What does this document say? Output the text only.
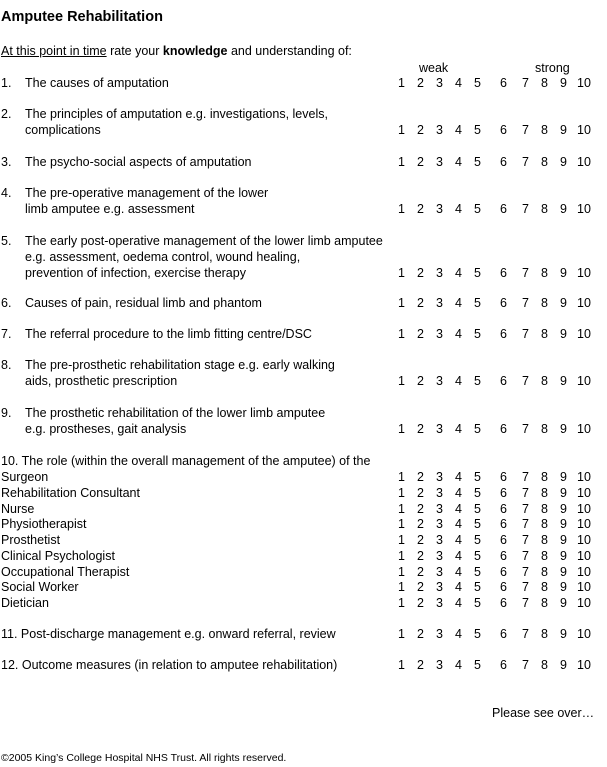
Amputee Rehabilitation
At this point in time rate your knowledge and understanding of:
weak	strong
1. The causes of amputation	1 2 3 4 5 6 7 8 9 10
2. The principles of amputation e.g. investigations, levels,
complications	1 2 3 4 5 6 7 8 9 10
3. The psycho-social aspects of amputation	1 2 3 4 5 6 7 8 9 10
4. The pre-operative management of the lower
limb amputee e.g. assessment	1 2 3 4 5 6 7 8 9 10
5. The early post-operative management of the lower limb amputee
e.g. assessment, oedema control, wound healing,
prevention of infection, exercise therapy	1 2 3 4 5 6 7 8 9 10
6. Causes of pain, residual limb and phantom	1 2 3 4 5 6 7 8 9 10
7. The referral procedure to the limb fitting centre/DSC	1 2 3 4 5 6 7 8 9 10
8. The pre-prosthetic rehabilitation stage e.g. early walking
aids, prosthetic prescription	1 2 3 4 5 6 7 8 9 10
9. The prosthetic rehabilitation of the lower limb amputee
e.g. prostheses, gait analysis	1 2 3 4 5 6 7 8 9 10
10. The role (within the overall management of the amputee) of the
Surgeon	1 2 3 4 5 6 7 8 9 10
Rehabilitation Consultant	1 2 3 4 5 6 7 8 9 10
Nurse	1 2 3 4 5 6 7 8 9 10
Physiotherapist	1 2 3 4 5 6 7 8 9 10
Prosthetist	1 2 3 4 5 6 7 8 9 10
Clinical Psychologist	1 2 3 4 5 6 7 8 9 10
Occupational Therapist	1 2 3 4 5 6 7 8 9 10
Social Worker	1 2 3 4 5 6 7 8 9 10
Dietician	1 2 3 4 5 6 7 8 9 10
11. Post-discharge management e.g. onward referral, review	1 2 3 4 5 6 7 8 9 10
12. Outcome measures (in relation to amputee rehabilitation)	1 2 3 4 5 6 7 8 9 10
Please see over…
©2005 King’s College Hospital NHS Trust. All rights reserved.
